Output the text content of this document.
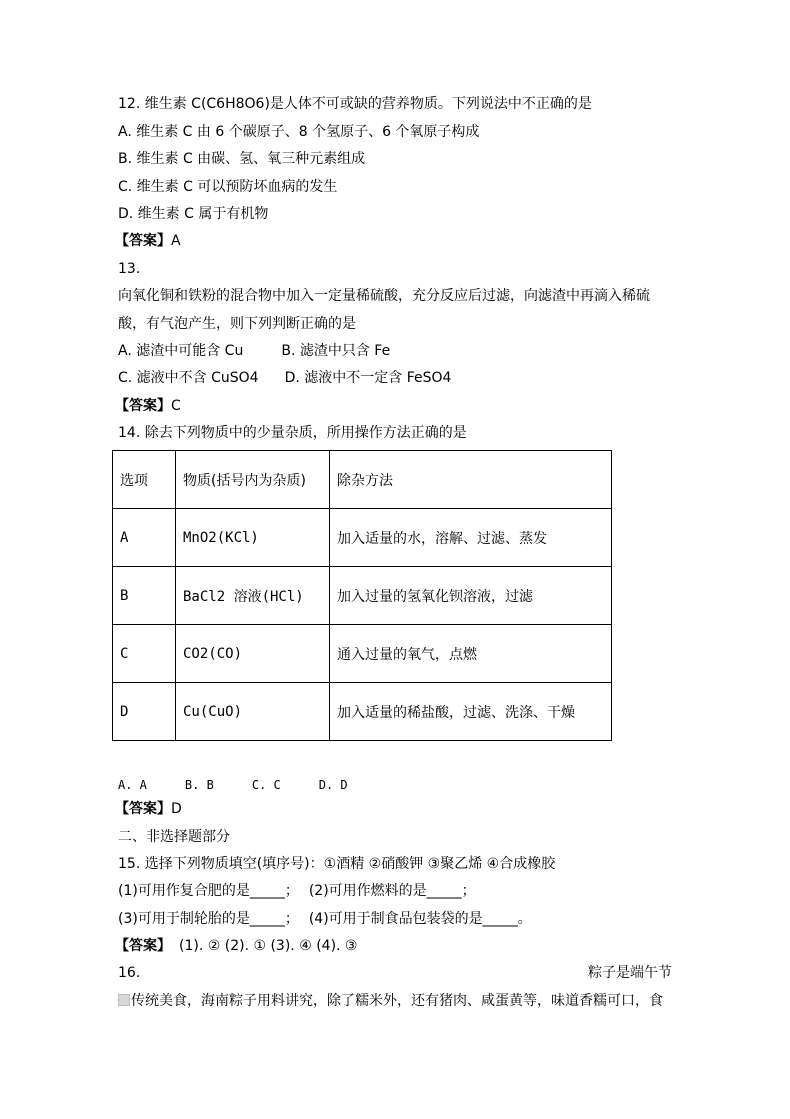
12. 维生素 C(C6H8O6)是人体不可或缺的营养物质。下列说法中不正确的是
A. 维生素 C 由 6 个碳原子、8 个氢原子、6 个氧原子构成
B. 维生素 C 由碳、氢、氧三种元素组成
C. 维生素 C 可以预防坏血病的发生
D. 维生素 C 属于有机物
【答案】A
13.
向氧化铜和铁粉的混合物中加入一定量稀硫酸，充分反应后过滤，向滤渣中再滴入稀硫
酸，有气泡产生，则下列判断正确的是
A. 滤渣中可能含 Cu	B. 滤渣中只含 Fe
C. 滤液中不含 CuSO4 D. 滤液中不一定含 FeSO4
【答案】C
14. 除去下列物质中的少量杂质，所用操作方法正确的是
选项	物质(括号内为杂质)	除杂方法
A	MnO2(KCl)	加入适量的水，溶解、过滤、蒸发
B	BaCl2 溶液(HCl)	加入过量的氢氧化钡溶液，过滤
C	CO2(CO)	通入过量的氧气，点燃
D	Cu(CuO)	加入适量的稀盐酸，过滤、洗涤、干燥
A. A	B. B	C. C	D. D
【答案】D
二、非选择题部分
15. 选择下列物质填空(填序号)：①酒精 ②硝酸钾 ③聚乙烯 ④合成橡胶
(1)可用作复合肥的是_____； (2)可用作燃料的是_____；
(3)可用于制轮胎的是_____； (4)可用于制食品包装袋的是_____。
【答案】 (1). ② (2). ① (3). ④ (4). ③
16.	粽子是端午节
传统美食，海南粽子用料讲究，除了糯米外，还有猪肉、咸蛋黄等，味道香糯可口，食
